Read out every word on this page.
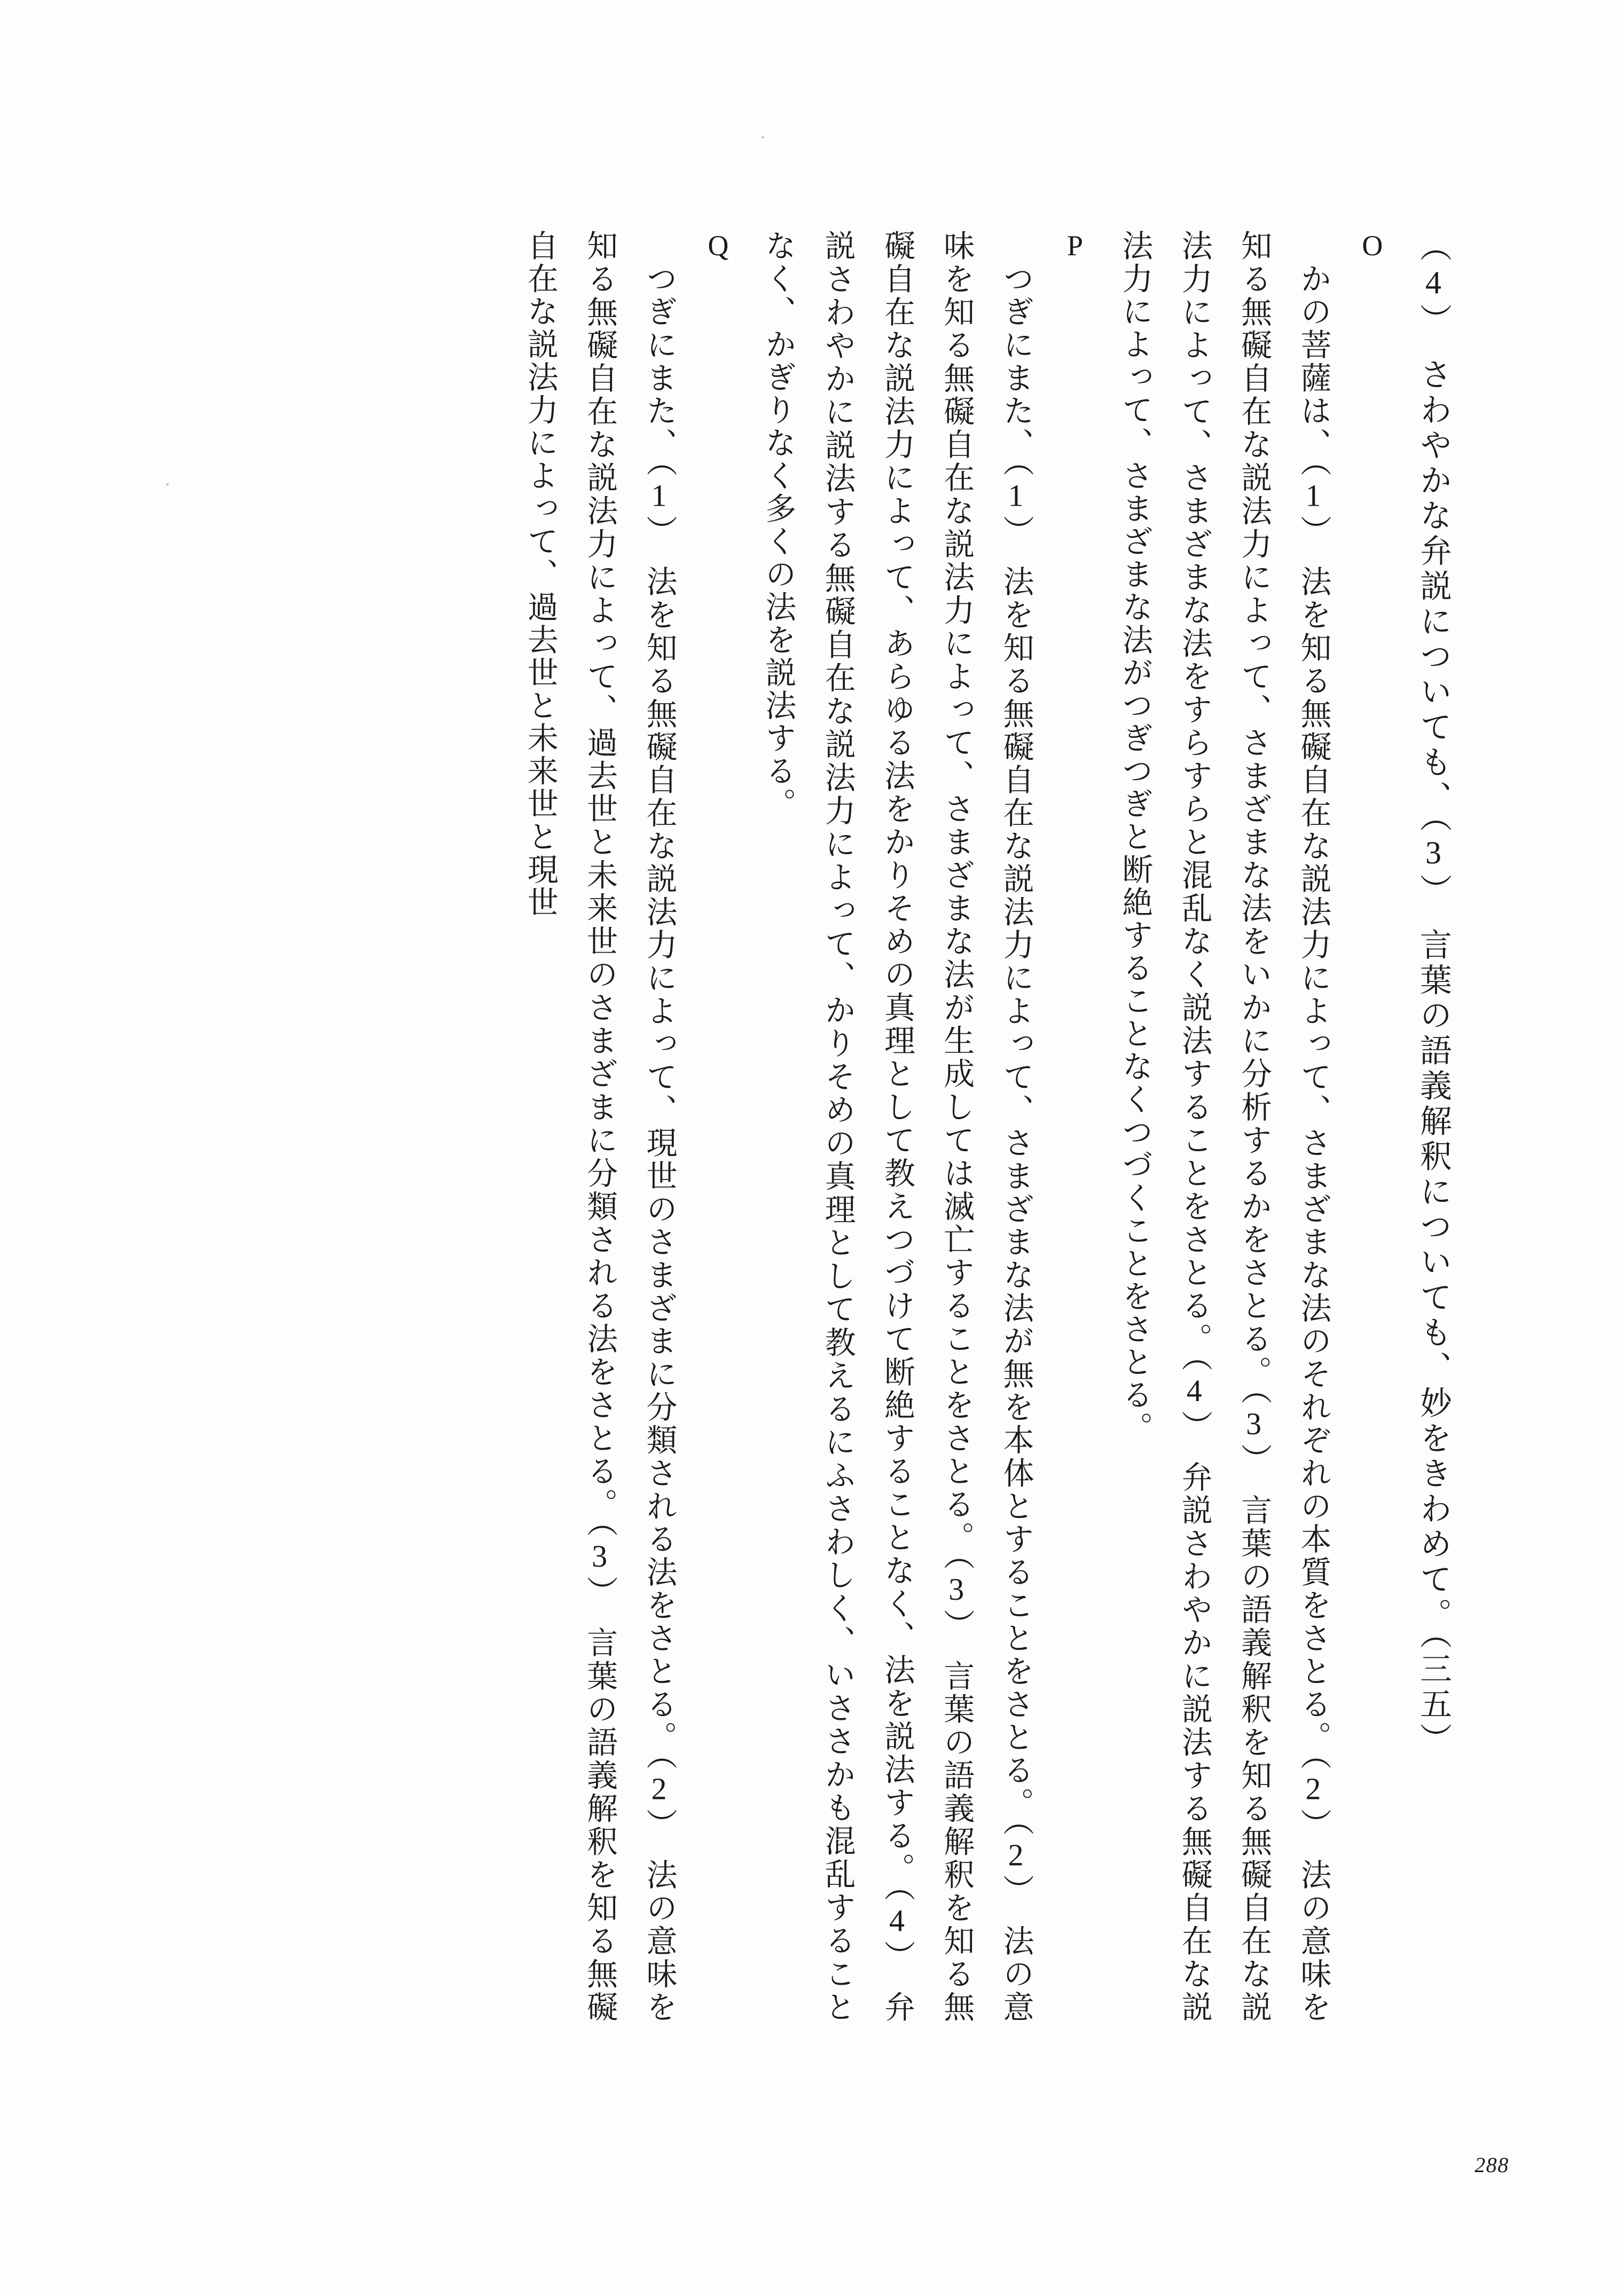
（4）　さわやかな弁説についても、（3）　言葉の語義解釈についても、妙をきわめて。（三五）

O

　かの菩薩は、（1）　法を知る無礙自在な説法力によって、さまざまな法のそれぞれの本質をさとる。（2）　法の意味を知る無礙自在な説法力によって、さまざまな法をいかに分析するかをさとる。（3）　言葉の語義解釈を知る無礙自在な説法力によって、さまざまな法をすらすらと混乱なく説法することをさとる。（4）　弁説さわやかに説法する無礙自在な説法力によって、さまざまな法がつぎつぎと断絶することなくつづくことをさとる。

P

　つぎにまた、（1）　法を知る無礙自在な説法力によって、さまざまな法が無を本体とすることをさとる。（2）　法の意味を知る無礙自在な説法力によって、さまざまな法が生成しては滅亡することをさとる。（3）　言葉の語義解釈を知る無礙自在な説法力によって、あらゆる法をかりそめの真理として教えつづけて断絶することなく、法を説法する。（4）　弁説さわやかに説法する無礙自在な説法力によって、かりそめの真理として教えるにふさわしく、いささかも混乱することなく、かぎりなく多くの法を説法する。

Q

　つぎにまた、（1）　法を知る無礙自在な説法力によって、現世のさまざまに分類される法をさとる。（2）　法の意味を知る無礙自在な説法力によって、過去世と未来世のさまざまに分類される法をさとる。（3）　言葉の語義解釈を知る無礙自在な説法力によって、過去世と未来世と現世

288
